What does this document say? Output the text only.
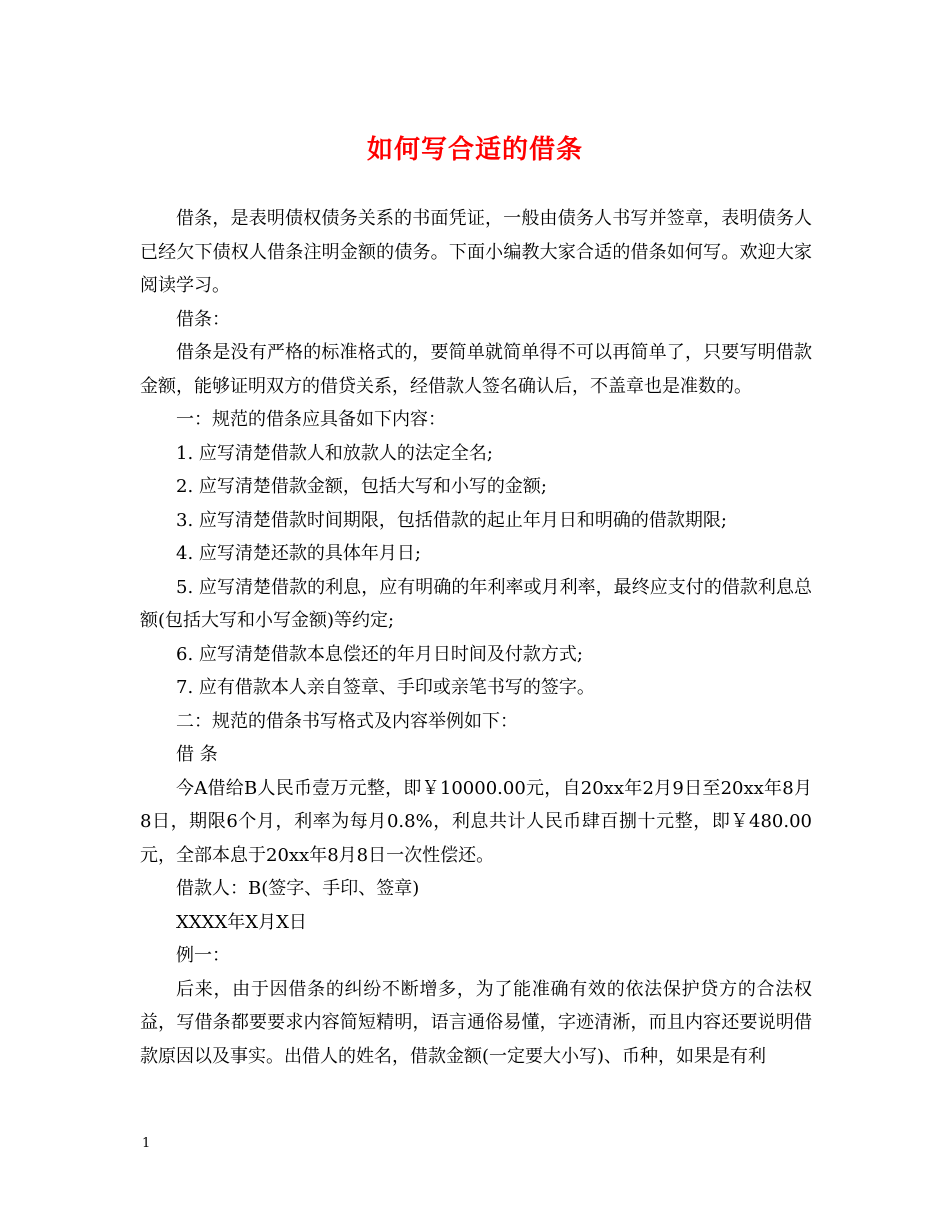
如何写合适的借条

借条，是表明债权债务关系的书面凭证，一般由债务人书写并签章，表明债务人已经欠下债权人借条注明金额的债务。下面小编教大家合适的借条如何写。欢迎大家阅读学习。

借条：

借条是没有严格的标准格式的，要简单就简单得不可以再简单了，只要写明借款金额，能够证明双方的借贷关系，经借款人签名确认后，不盖章也是准数的。

一：规范的借条应具备如下内容：

1. 应写清楚借款人和放款人的法定全名;

2. 应写清楚借款金额，包括大写和小写的金额;

3. 应写清楚借款时间期限，包括借款的起止年月日和明确的借款期限;

4. 应写清楚还款的具体年月日;

5. 应写清楚借款的利息，应有明确的年利率或月利率，最终应支付的借款利息总额(包括大写和小写金额)等约定;

6. 应写清楚借款本息偿还的年月日时间及付款方式;

7. 应有借款本人亲自签章、手印或亲笔书写的签字。

二：规范的借条书写格式及内容举例如下：

借 条

今A借给B人民币壹万元整，即￥10000.00元，自20xx年2月9日至20xx年8月8日，期限6个月，利率为每月0.8%，利息共计人民币肆百捌十元整，即￥480.00元，全部本息于20xx年8月8日一次性偿还。

借款人：B(签字、手印、签章)

XXXX年X月X日

例一：

后来，由于因借条的纠纷不断增多，为了能准确有效的依法保护贷方的合法权益，写借条都要要求内容简短精明，语言通俗易懂，字迹清淅，而且内容还要说明借款原因以及事实。出借人的姓名，借款金额(一定要大小写)、币种，如果是有利

1
